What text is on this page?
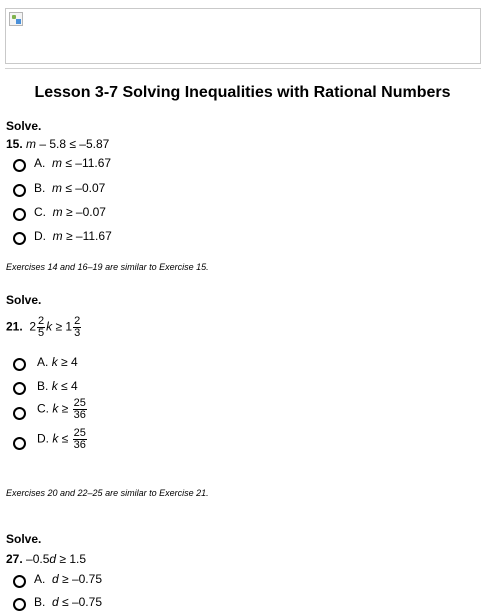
Lesson 3-7 Solving Inequalities with Rational Numbers
Solve.
15. m – 5.8 ≤ –5.87
A. m ≤ –11.67
B. m ≤ –0.07
C. m ≥ –0.07
D. m ≥ –11.67
Exercises 14 and 16–19 are similar to Exercise 15.
Solve.
21. $2 \frac{2}{5}$ $k \ge 1 \frac{2}{3}$
A. k ≥ 4
B. k ≤ 4
C. $k \ge \frac{25}{36}$
D. $k \le \frac{25}{36}$
Exercises 20 and 22–25 are similar to Exercise 21.
Solve.
27. –0.5d ≥ 1.5
A. d ≥ –0.75
B. d ≤ –0.75
